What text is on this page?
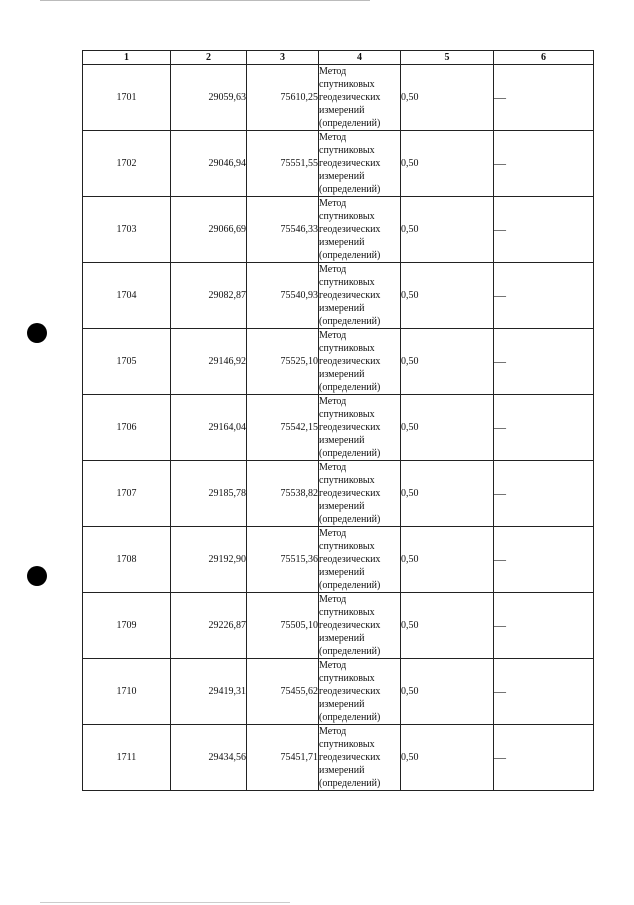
1	2	3	4	5	6
1701	29059,63	75610,25	Метод
спутниковых
геодезических
измерений
(определений)	0,50	—
1702	29046,94	75551,55	Метод
спутниковых
геодезических
измерений
(определений)	0,50	—
1703	29066,69	75546,33	Метод
спутниковых
геодезических
измерений
(определений)	0,50	—
1704	29082,87	75540,93	Метод
спутниковых
геодезических
измерений
(определений)	0,50	—
1705	29146,92	75525,10	Метод
спутниковых
геодезических
измерений
(определений)	0,50	—
1706	29164,04	75542,15	Метод
спутниковых
геодезических
измерений
(определений)	0,50	—
1707	29185,78	75538,82	Метод
спутниковых
геодезических
измерений
(определений)	0,50	—
1708	29192,90	75515,36	Метод
спутниковых
геодезических
измерений
(определений)	0,50	—
1709	29226,87	75505,10	Метод
спутниковых
геодезических
измерений
(определений)	0,50	—
1710	29419,31	75455,62	Метод
спутниковых
геодезических
измерений
(определений)	0,50	—
1711	29434,56	75451,71	Метод
спутниковых
геодезических
измерений
(определений)	0,50	—
